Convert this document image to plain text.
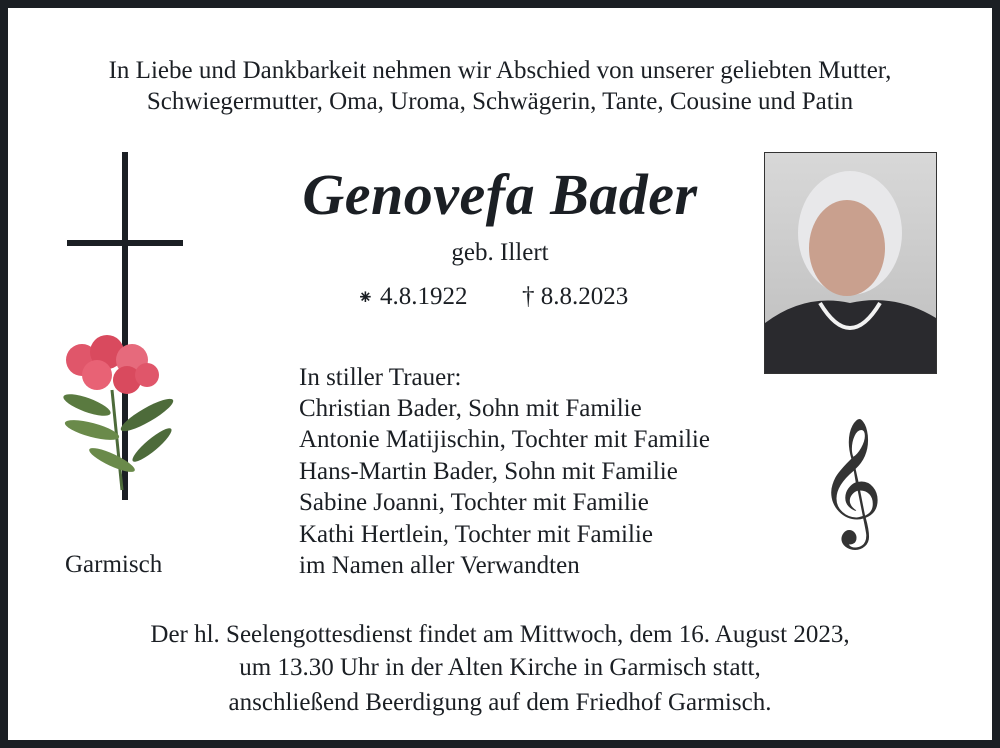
In Liebe und Dankbarkeit nehmen wir Abschied von unserer geliebten Mutter,
Schwiegermutter, Oma, Uroma, Schwägerin, Tante, Cousine und Patin
Garmisch
Genovefa Bader
geb. Illert
⁕ 4.8.1922 † 8.8.2023
𝄞
In stiller Trauer:
Christian Bader, Sohn mit Familie
Antonie Matijischin, Tochter mit Familie
Hans-Martin Bader, Sohn mit Familie
Sabine Joanni, Tochter mit Familie
Kathi Hertlein, Tochter mit Familie
im Namen aller Verwandten
Der hl. Seelengottesdienst findet am Mittwoch, dem 16. August 2023,
um 13.30 Uhr in der Alten Kirche in Garmisch statt,
anschließend Beerdigung auf dem Friedhof Garmisch.
